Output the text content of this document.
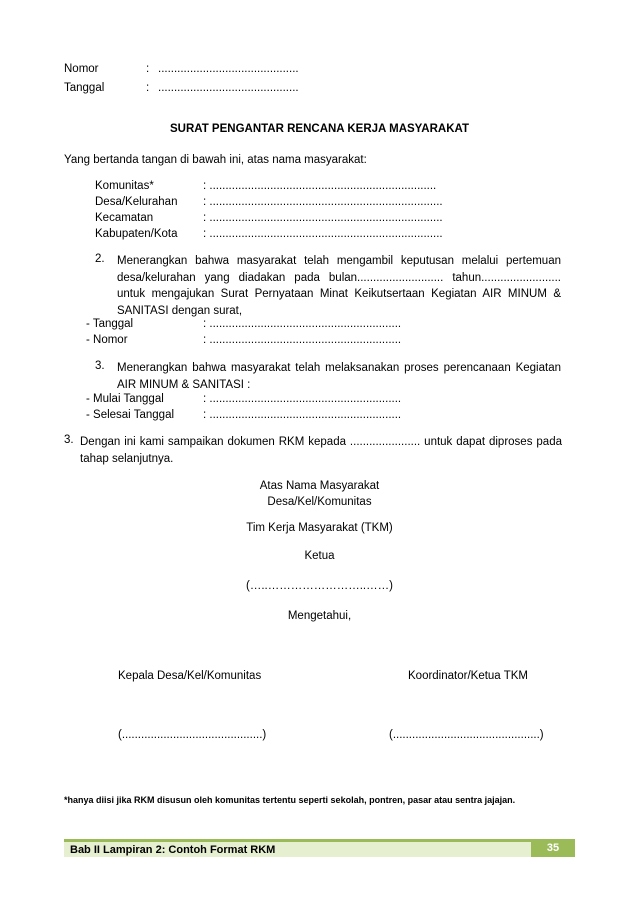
Nomor	: ............................................
Tanggal	: ............................................
SURAT PENGANTAR RENCANA KERJA MASYARAKAT
Yang bertanda tangan di bawah ini, atas nama masyarakat:
Komunitas*	: .......................................................................
Desa/Kelurahan : .........................................................................
Kecamatan	: .........................................................................
Kabupaten/Kota : .........................................................................
2. Menerangkan bahwa masyarakat telah mengambil keputusan melalui pertemuan desa/kelurahan yang diadakan pada bulan........................... tahun......................... untuk mengajukan Surat Pernyataan Minat Keikutsertaan Kegiatan AIR MINUM & SANITASI dengan surat,
- Tanggal	: ............................................................
- Nomor	: ............................................................
3. Menerangkan bahwa masyarakat telah melaksanakan proses perencanaan Kegiatan AIR MINUM & SANITASI :
- Mulai Tanggal	: ............................................................
- Selesai Tanggal	: ............................................................
3. Dengan ini kami sampaikan dokumen RKM kepada ...................... untuk dapat diproses pada tahap selanjutnya.
Atas Nama Masyarakat
Desa/Kel/Komunitas
Tim Kerja Masyarakat (TKM)
Ketua
(…..……………………..……)
Mengetahui,
Kepala Desa/Kel/Komunitas	Koordinator/Ketua TKM
(............................................)	(..............................................)
*hanya diisi jika RKM disusun oleh komunitas tertentu seperti sekolah, pontren, pasar atau sentra jajajan.
Bab II Lampiran 2: Contoh Format RKM	35
